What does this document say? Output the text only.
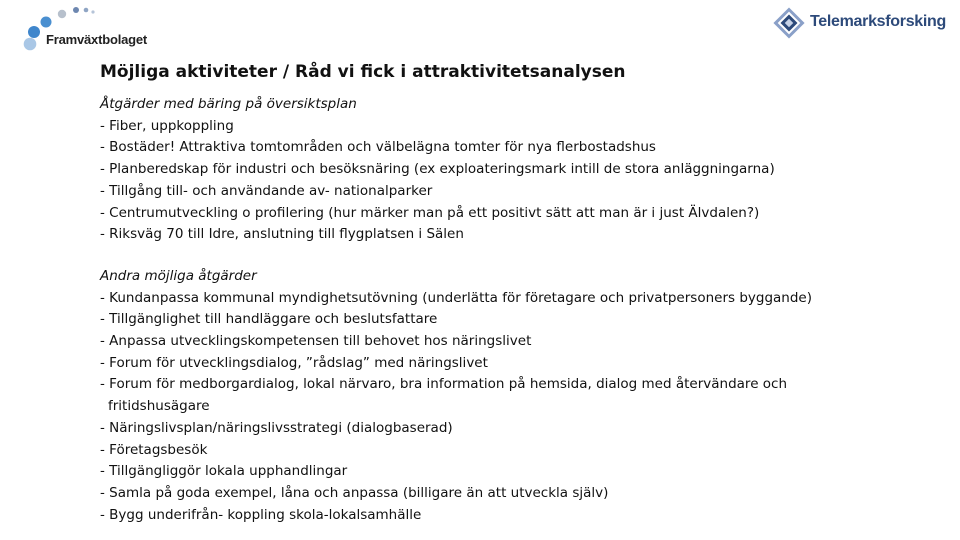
Framväxtbolaget
Telemarksforsking
Möjliga aktiviteter / Råd vi fick i attraktivitetsanalysen
Åtgärder med bäring på översiktsplan
- Fiber, uppkoppling
- Bostäder! Attraktiva tomtområden och välbelägna tomter för nya flerbostadshus
- Planberedskap för industri och besöksnäring (ex exploateringsmark intill de stora anläggningarna)
- Tillgång till- och användande av- nationalparker
- Centrumutveckling o profilering (hur märker man på ett positivt sätt att man är i just Älvdalen?)
- Riksväg 70 till Idre, anslutning till flygplatsen i Sälen
Andra möjliga åtgärder
- Kundanpassa kommunal myndighetsutövning (underlätta för företagare och privatpersoners byggande)
- Tillgänglighet till handläggare och beslutsfattare
- Anpassa utvecklingskompetensen till behovet hos näringslivet
- Forum för utvecklingsdialog, ”rådslag” med näringslivet
- Forum för medborgardialog, lokal närvaro, bra information på hemsida, dialog med återvändare och
fritidshusägare
- Näringslivsplan/näringslivsstrategi (dialogbaserad)
- Företagsbesök
- Tillgängliggör lokala upphandlingar
- Samla på goda exempel, låna och anpassa (billigare än att utveckla själv)
- Bygg underifrån- koppling skola-lokalsamhälle
